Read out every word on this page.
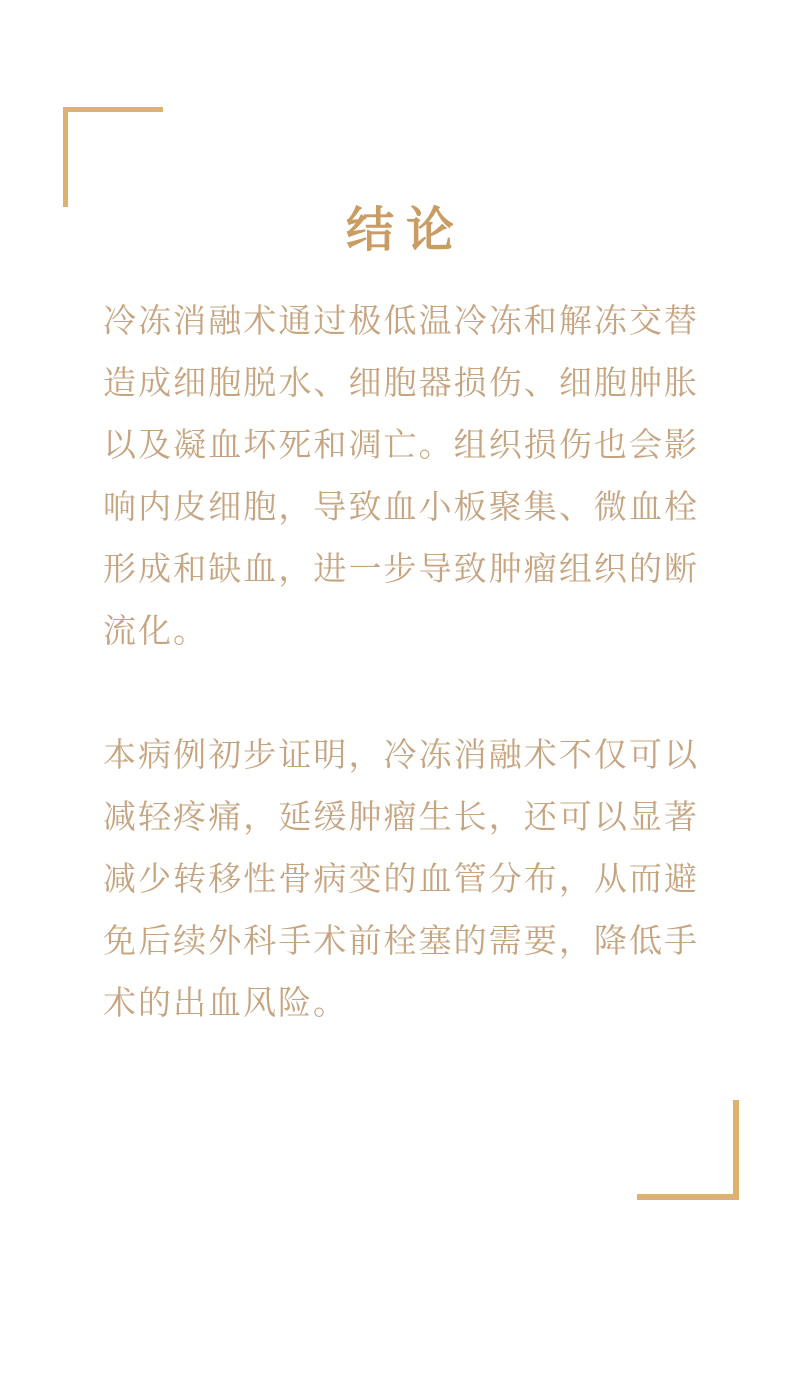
结 论

冷冻消融术通过极低温冷冻和解冻交替造成细胞脱水、细胞器损伤、细胞肿胀以及凝血坏死和凋亡。组织损伤也会影响内皮细胞，导致血小板聚集、微血栓形成和缺血，进一步导致肿瘤组织的断流化。

本病例初步证明，冷冻消融术不仅可以减轻疼痛，延缓肿瘤生长，还可以显著减少转移性骨病变的血管分布，从而避免后续外科手术前栓塞的需要，降低手术的出血风险。
